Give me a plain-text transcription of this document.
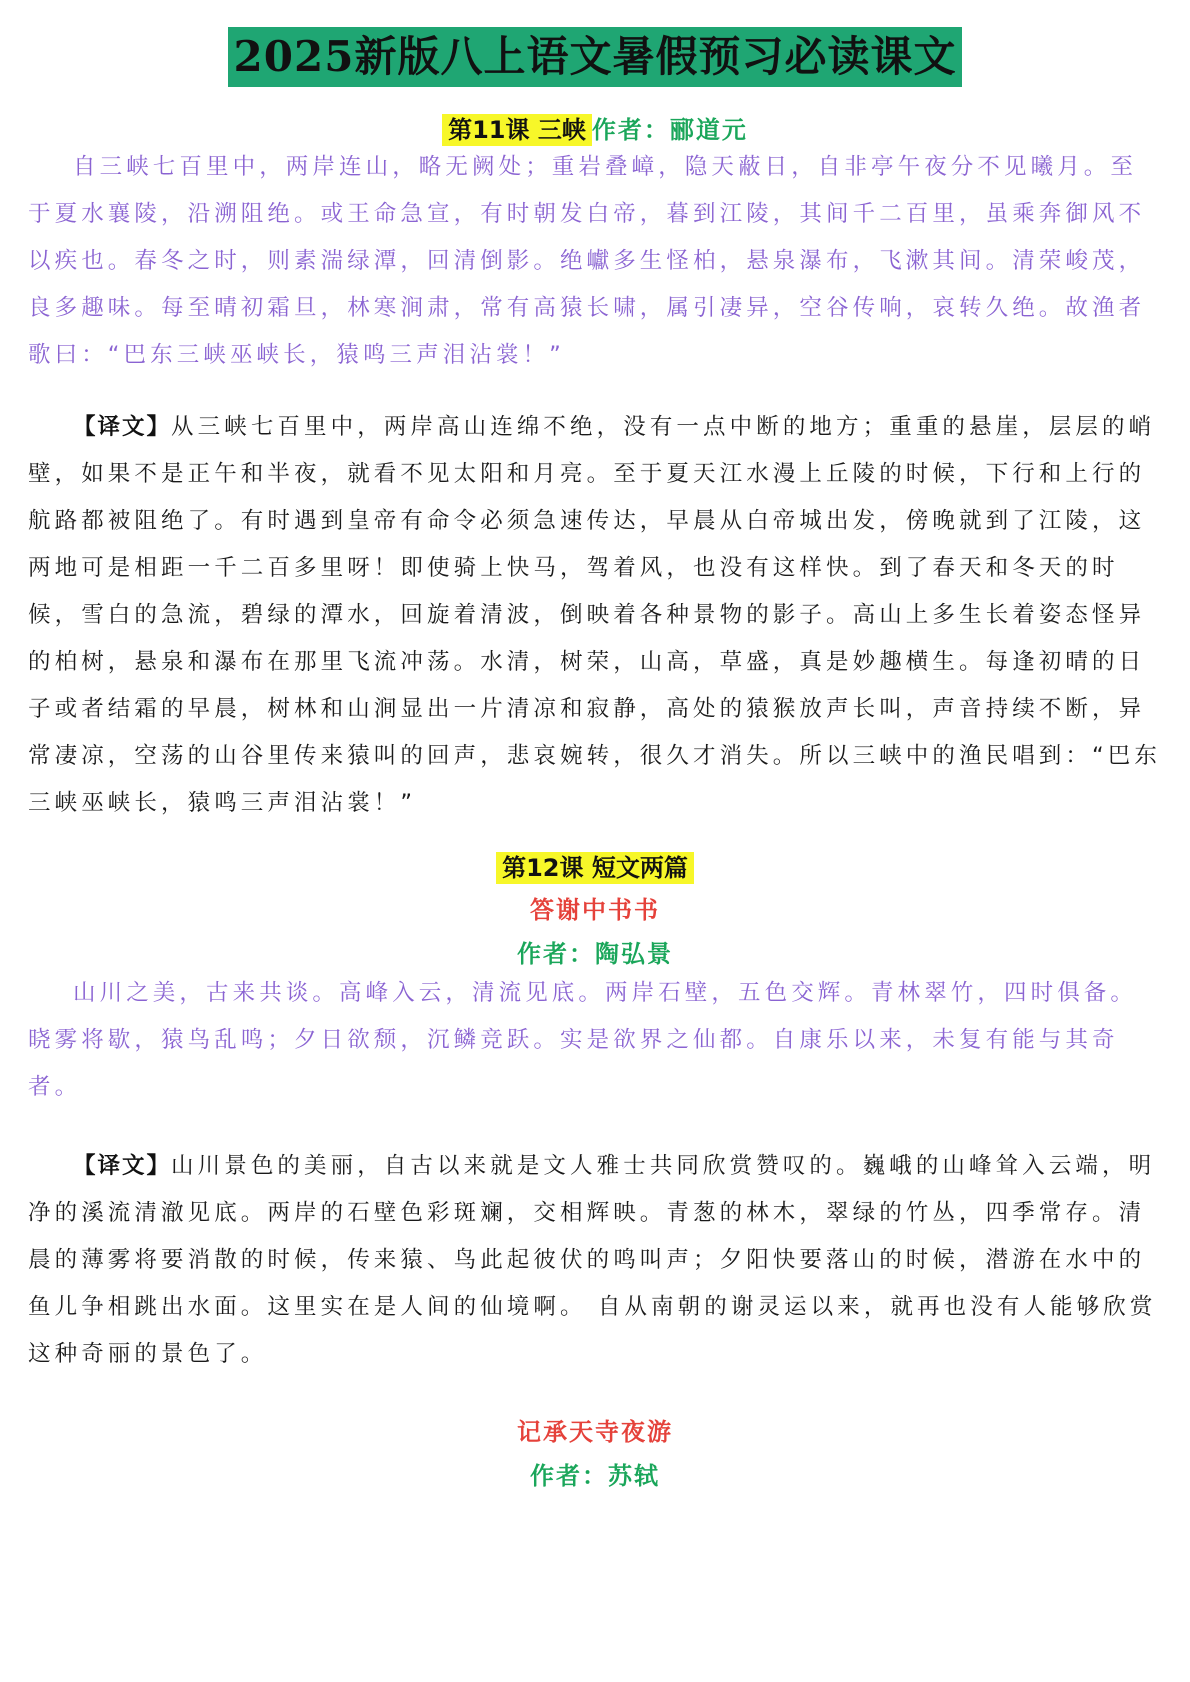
2025新版八上语文暑假预习必读课文
第11课 三峡 作者：郦道元

自三峡七百里中，两岸连山，略无阙处；重岩叠嶂，隐天蔽日，自非亭午夜分不见曦月。至于夏水襄陵，沿溯阻绝。或王命急宣，有时朝发白帝，暮到江陵，其间千二百里，虽乘奔御风不以疾也。春冬之时，则素湍绿潭，回清倒影。绝巘多生怪柏，悬泉瀑布，飞漱其间。清荣峻茂，良多趣味。每至晴初霜旦，林寒涧肃，常有高猿长啸，属引凄异，空谷传响，哀转久绝。故渔者歌曰：“巴东三峡巫峡长，猿鸣三声泪沾裳！”

【译文】从三峡七百里中，两岸高山连绵不绝，没有一点中断的地方；重重的悬崖，层层的峭壁，如果不是正午和半夜，就看不见太阳和月亮。至于夏天江水漫上丘陵的时候，下行和上行的航路都被阻绝了。有时遇到皇帝有命令必须急速传达，早晨从白帝城出发，傍晚就到了江陵，这两地可是相距一千二百多里呀！即使骑上快马，驾着风，也没有这样快。到了春天和冬天的时候，雪白的急流，碧绿的潭水，回旋着清波，倒映着各种景物的影子。高山上多生长着姿态怪异的柏树，悬泉和瀑布在那里飞流冲荡。水清，树荣，山高，草盛，真是妙趣横生。每逢初晴的日子或者结霜的早晨，树林和山涧显出一片清凉和寂静，高处的猿猴放声长叫，声音持续不断，异常凄凉，空荡的山谷里传来猿叫的回声，悲哀婉转，很久才消失。所以三峡中的渔民唱到：“巴东三峡巫峡长，猿鸣三声泪沾裳！”

第12课 短文两篇
答谢中书书
作者：陶弘景

山川之美，古来共谈。高峰入云，清流见底。两岸石壁，五色交辉。青林翠竹，四时俱备。晓雾将歇，猿鸟乱鸣；夕日欲颓，沉鳞竞跃。实是欲界之仙都。自康乐以来，未复有能与其奇者。

【译文】山川景色的美丽，自古以来就是文人雅士共同欣赏赞叹的。巍峨的山峰耸入云端，明净的溪流清澈见底。两岸的石壁色彩斑斓，交相辉映。青葱的林木，翠绿的竹丛，四季常存。清晨的薄雾将要消散的时候，传来猿、鸟此起彼伏的鸣叫声；夕阳快要落山的时候，潜游在水中的鱼儿争相跳出水面。这里实在是人间的仙境啊。 自从南朝的谢灵运以来，就再也没有人能够欣赏这种奇丽的景色了。

记承天寺夜游
作者：苏轼
